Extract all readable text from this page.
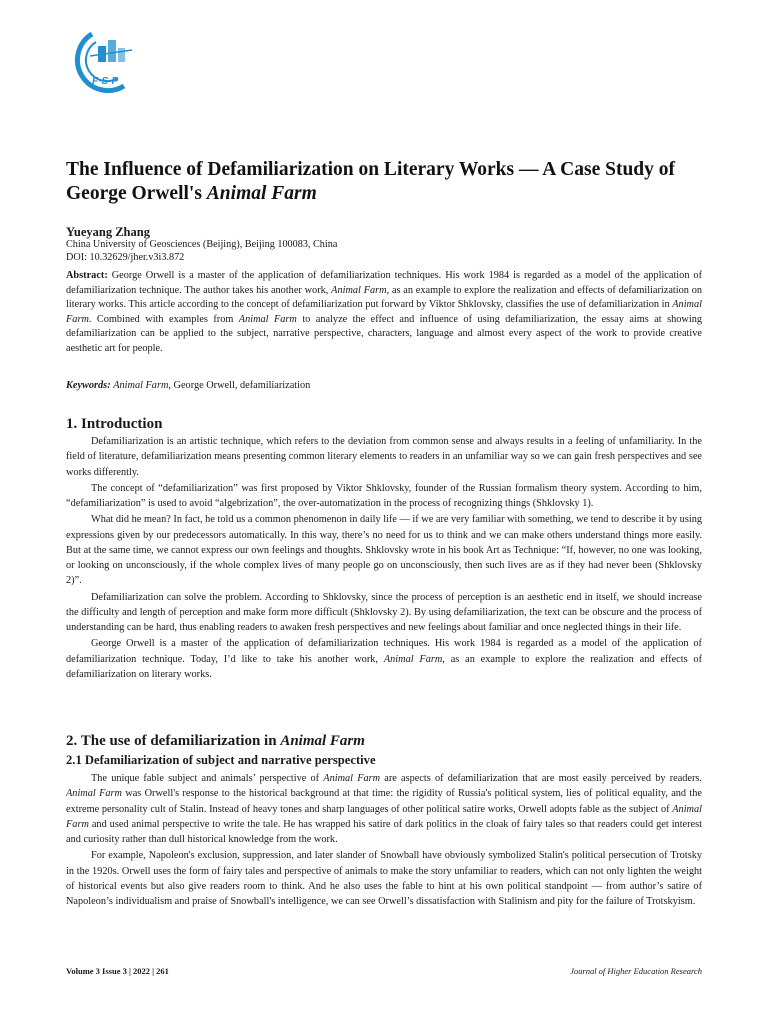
F·S·P
The Influence of Defamiliarization on Literary Works — A Case Study of George Orwell's Animal Farm
Yueyang Zhang
China University of Geosciences (Beijing), Beijing 100083, China
DOI: 10.32629/jher.v3i3.872

Abstract: George Orwell is a master of the application of defamiliarization techniques. His work 1984 is regarded as a model of the application of defamiliarization technique. The author takes his another work, Animal Farm, as an example to explore the realization and effects of defamiliarization on literary works. This article according to the concept of defamiliarization put forward by Viktor Shklovsky, classifies the use of defamiliarization in Animal Farm. Combined with examples from Animal Farm to analyze the effect and influence of using defamiliarization, the essay aims at showing defamiliarization can be applied to the subject, narrative perspective, characters, language and almost every aspect of the work to provide creative aesthetic art for people.

Keywords: Animal Farm, George Orwell, defamiliarization
1. Introduction

Defamiliarization is an artistic technique, which refers to the deviation from common sense and always results in a feeling of unfamiliarity. In the field of literature, defamiliarization means presenting common literary elements to readers in an unfamiliar way so we can gain fresh perspectives and see works differently.

The concept of “defamiliarization” was first proposed by Viktor Shklovsky, founder of the Russian formalism theory system. According to him, “defamiliarization” is used to avoid “algebrization”, the over-automatization in the process of recognizing things (Shklovsky 1).

What did he mean? In fact, he told us a common phenomenon in daily life — if we are very familiar with something, we tend to describe it by using expressions given by our predecessors automatically. In this way, there’s no need for us to think and we can make others understand things more easily. But at the same time, we cannot express our own feelings and thoughts. Shklovsky wrote in his book Art as Technique: “If, however, no one was looking, or looking on unconsciously, if the whole complex lives of many people go on unconsciously, then such lives are as if they had never been (Shklovsky 2)”.

Defamiliarization can solve the problem. According to Shklovsky, since the process of perception is an aesthetic end in itself, we should increase the difficulty and length of perception and make form more difficult (Shklovsky 2). By using defamiliarization, the text can be obscure and the process of understanding can be hard, thus enabling readers to awaken fresh perspectives and new feelings about familiar and once neglected things in their life.

George Orwell is a master of the application of defamiliarization techniques. His work 1984 is regarded as a model of the application of defamiliarization technique. Today, I’d like to take his another work, Animal Farm, as an example to explore the realization and effects of defamiliarization on literary works.

2. The use of defamiliarization in Animal Farm
2.1 Defamiliarization of subject and narrative perspective

The unique fable subject and animals’ perspective of Animal Farm are aspects of defamiliarization that are most easily perceived by readers. Animal Farm was Orwell's response to the historical background at that time: the rigidity of Russia's political system, lies of political equality, and the extreme personality cult of Stalin. Instead of heavy tones and sharp languages of other political satire works, Orwell adopts fable as the subject of Animal Farm and used animal perspective to write the tale. He has wrapped his satire of dark politics in the cloak of fairy tales so that readers could get interest and curiosity rather than dull historical knowledge from the work.

For example, Napoleon's exclusion, suppression, and later slander of Snowball have obviously symbolized Stalin's political persecution of Trotsky in the 1920s. Orwell uses the form of fairy tales and perspective of animals to make the story unfamiliar to readers, which can not only lighten the weight of historical events but also give readers room to think. And he also uses the fable to hint at his own political standpoint — from author’s satire of Napoleon’s individualism and praise of Snowball's intelligence, we can see Orwell’s dissatisfaction with Stalinism and pity for the failure of Trotskyism.

Volume 3 Issue 3 | 2022 | 261	Journal of Higher Education Research
